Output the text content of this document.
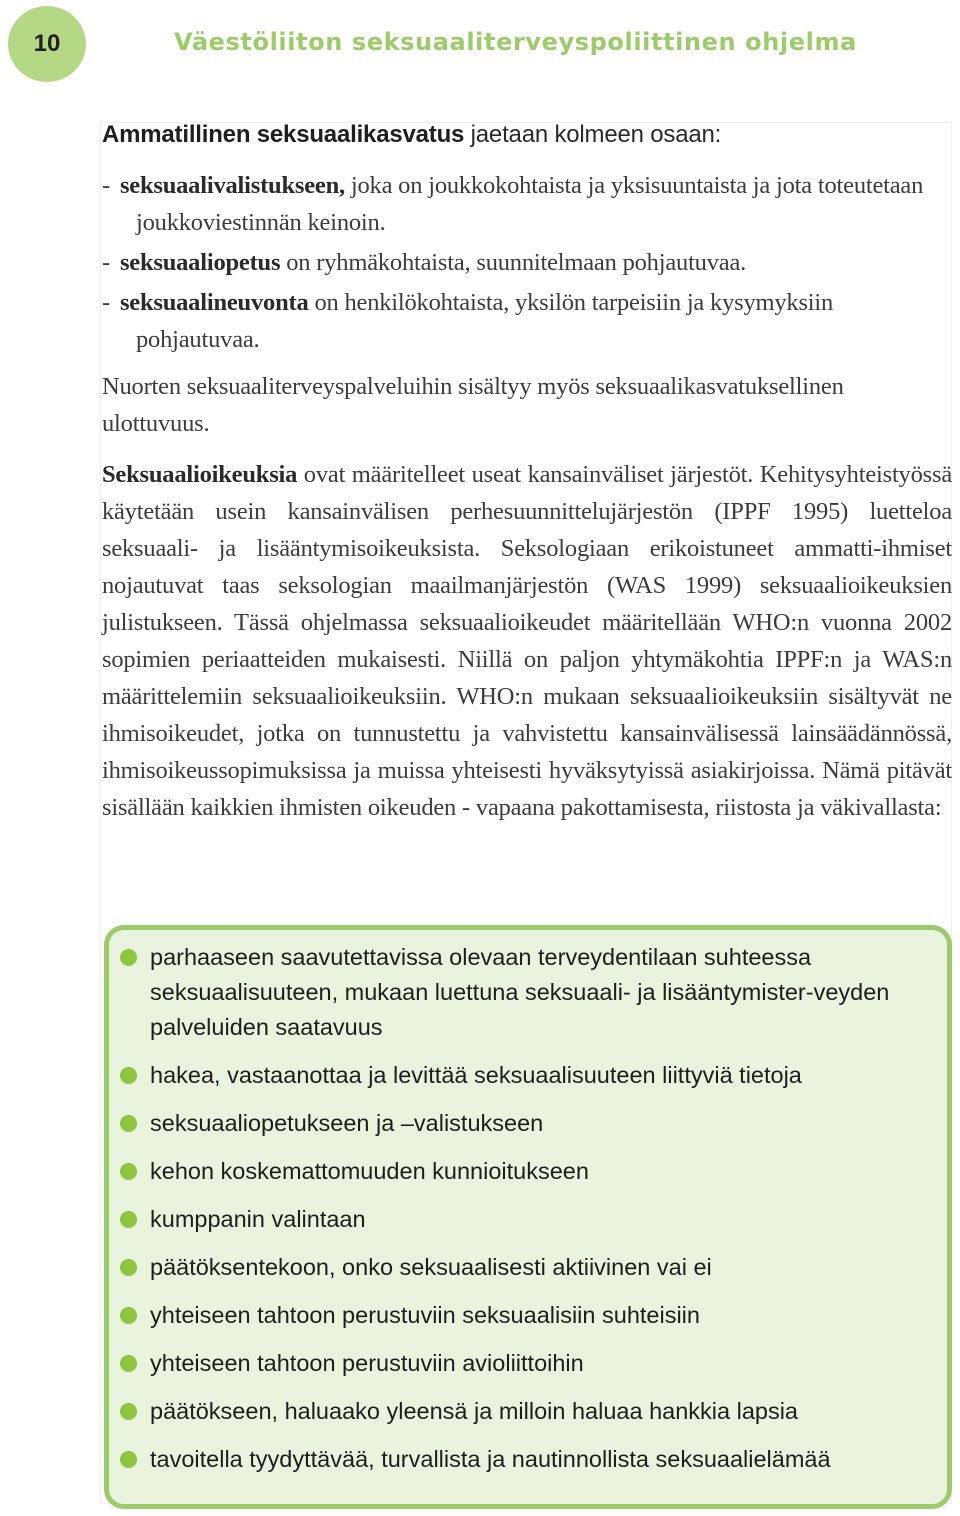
10	Väestöliiton seksuaaliterveyspoliittinen ohjelma

Ammatillinen seksuaalikasvatus jaetaan kolmeen osaan:

- seksuaalivalistukseen, joka on joukkokohtaista ja yksisuuntaista ja jota toteutetaan joukkoviestinnän keinoin.

- seksuaaliopetus on ryhmäkohtaista, suunnitelmaan pohjautuvaa.

- seksuaalineuvonta on henkilökohtaista, yksilön tarpeisiin ja kysymyksiin pohjautuvaa.

Nuorten seksuaaliterveyspalveluihin sisältyy myös seksuaalikasvatuksellinen ulottuvuus.

Seksuaalioikeuksia ovat määritelleet useat kansainväliset järjestöt. Kehitysyhteistyössä käytetään usein kansainvälisen perhesuunnittelujärjestön (IPPF 1995) luetteloa seksuaali- ja lisääntymisoikeuksista. Seksologiaan erikoistuneet ammatti-ihmiset nojautuvat taas seksologian maailmanjärjestön (WAS 1999) seksuaalioikeuksien julistukseen. Tässä ohjelmassa seksuaalioikeudet määritellään WHO:n vuonna 2002 sopimien periaatteiden mukaisesti. Niillä on paljon yhtymäkohtia IPPF:n ja WAS:n määrittelemiin seksuaalioikeuksiin. WHO:n mukaan seksuaalioikeuksiin sisältyvät ne ihmisoikeudet, jotka on tunnustettu ja vahvistettu kansainvälisessä lainsäädännössä, ihmisoikeussopimuksissa ja muissa yhteisesti hyväksytyissä asiakirjoissa. Nämä pitävät sisällään kaikkien ihmisten oikeuden - vapaana pakottamisesta, riistosta ja väkivallasta:

parhaaseen saavutettavissa olevaan terveydentilaan suhteessa seksuaalisuuteen, mukaan luettuna seksuaali- ja lisääntymister-veyden palveluiden saatavuus
hakea, vastaanottaa ja levittää seksuaalisuuteen liittyviä tietoja
seksuaaliopetukseen ja –valistukseen
kehon koskemattomuuden kunnioitukseen
kumppanin valintaan
päätöksentekoon, onko seksuaalisesti aktiivinen vai ei
yhteiseen tahtoon perustuviin seksuaalisiin suhteisiin
yhteiseen tahtoon perustuviin avioliittoihin
päätökseen, haluaako yleensä ja milloin haluaa hankkia lapsia
tavoitella tyydyttävää, turvallista ja nautinnollista seksuaalielämää
